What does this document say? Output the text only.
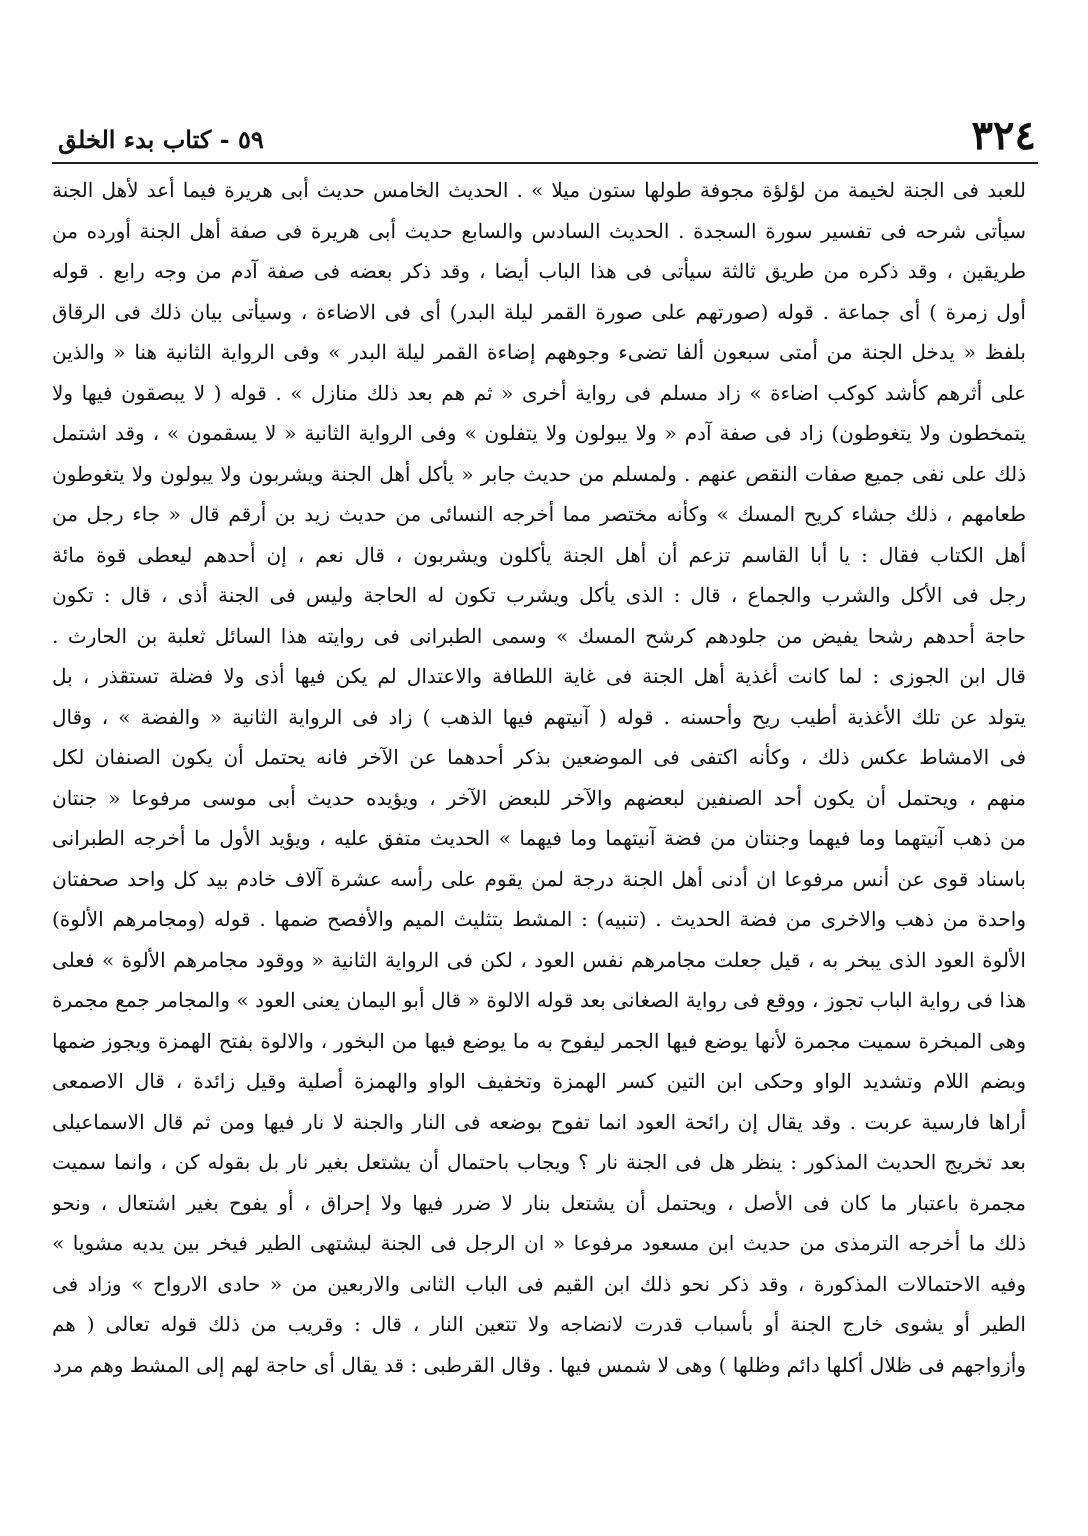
٣٢٤
٥٩ - كتاب بدء الخلق
للعبد فى الجنة لخيمة من لؤلؤة مجوفة طولها ستون ميلا » . الحديث الخامس حديث أبى هريرة فيما أعد لأهل الجنة
سيأتى شرحه فى تفسير سورة السجدة . الحديث السادس والسابع حديث أبى هريرة فى صفة أهل الجنة أورده من
طريقين ، وقد ذكره من طريق ثالثة سيأتى فى هذا الباب أيضا ، وقد ذكر بعضه فى صفة آدم من وجه رابع . قوله
أول زمرة ) أى جماعة . قوله (صورتهم على صورة القمر ليلة البدر) أى فى الاضاءة ، وسيأتى بيان ذلك فى الرقاق
بلفظ « يدخل الجنة من أمتى سبعون ألفا تضىء وجوههم إضاءة القمر ليلة البدر » وفى الرواية الثانية هنا « والذين
على أثرهم كأشد كوكب اضاءة » زاد مسلم فى رواية أخرى « ثم هم بعد ذلك منازل » . قوله ( لا يبصقون فيها ولا
يتمخطون ولا يتغوطون) زاد فى صفة آدم « ولا يبولون ولا يتفلون » وفى الرواية الثانية « لا يسقمون » ، وقد اشتمل
ذلك على نفى جميع صفات النقص عنهم . ولمسلم من حديث جابر « يأكل أهل الجنة ويشربون ولا يبولون ولا يتغوطون
طعامهم ، ذلك جشاء كريح المسك » وكأنه مختصر مما أخرجه النسائى من حديث زيد بن أرقم قال « جاء رجل من
أهل الكتاب فقال : يا أبا القاسم تزعم أن أهل الجنة يأكلون ويشربون ، قال نعم ، إن أحدهم ليعطى قوة مائة
رجل فى الأكل والشرب والجماع ، قال : الذى يأكل ويشرب تكون له الحاجة وليس فى الجنة أذى ، قال : تكون
حاجة أحدهم رشحا يفيض من جلودهم كرشح المسك » وسمى الطبرانى فى روايته هذا السائل ثعلبة بن الحارث .
قال ابن الجوزى : لما كانت أغذية أهل الجنة فى غاية اللطافة والاعتدال لم يكن فيها أذى ولا فضلة تستقذر ، بل
يتولد عن تلك الأغذية أطيب ريح وأحسنه . قوله ( آنيتهم فيها الذهب ) زاد فى الرواية الثانية « والفضة » ، وقال
فى الامشاط عكس ذلك ، وكأنه اكتفى فى الموضعين بذكر أحدهما عن الآخر فانه يحتمل أن يكون الصنفان لكل
منهم ، ويحتمل أن يكون أحد الصنفين لبعضهم والآخر للبعض الآخر ، ويؤيده حديث أبى موسى مرفوعا « جنتان
من ذهب آنيتهما وما فيهما وجنتان من فضة آنيتهما وما فيهما » الحديث متفق عليه ، ويؤيد الأول ما أخرجه الطبرانى
باسناد قوى عن أنس مرفوعا ان أدنى أهل الجنة درجة لمن يقوم على رأسه عشرة آلاف خادم بيد كل واحد صحفتان
واحدة من ذهب والاخرى من فضة الحديث . (تنبيه) : المشط بتثليث الميم والأفصح ضمها . قوله (ومجامرهم الألوة)
الألوة العود الذى يبخر به ، قيل جعلت مجامرهم نفس العود ، لكن فى الرواية الثانية « ووقود مجامرهم الألوة » فعلى
هذا فى رواية الباب تجوز ، ووقع فى رواية الصغانى بعد قوله الالوة « قال أبو اليمان يعنى العود » والمجامر جمع مجمرة
وهى المبخرة سميت مجمرة لأنها يوضع فيها الجمر ليفوح به ما يوضع فيها من البخور ، والالوة بفتح الهمزة ويجوز ضمها
وبضم اللام وتشديد الواو وحكى ابن التين كسر الهمزة وتخفيف الواو والهمزة أصلية وقيل زائدة ، قال الاصمعى
أراها فارسية عربت . وقد يقال إن رائحة العود انما تفوح بوضعه فى النار والجنة لا نار فيها ومن ثم قال الاسماعيلى
بعد تخريج الحديث المذكور : ينظر هل فى الجنة نار ؟ ويجاب باحتمال أن يشتعل بغير نار بل بقوله كن ، وانما سميت
مجمرة باعتبار ما كان فى الأصل ، ويحتمل أن يشتعل بنار لا ضرر فيها ولا إحراق ، أو يفوح بغير اشتعال ، ونحو
ذلك ما أخرجه الترمذى من حديث ابن مسعود مرفوعا « ان الرجل فى الجنة ليشتهى الطير فيخر بين يديه مشويا »
وفيه الاحتمالات المذكورة ، وقد ذكر نحو ذلك ابن القيم فى الباب الثانى والاربعين من « حادى الارواح » وزاد فى
الطير أو يشوى خارج الجنة أو بأسباب قدرت لانضاجه ولا تتعين النار ، قال : وقريب من ذلك قوله تعالى ( هم
وأزواجهم فى ظلال أكلها دائم وظلها ) وهى لا شمس فيها . وقال القرطبى : قد يقال أى حاجة لهم إلى المشط وهم مرد
